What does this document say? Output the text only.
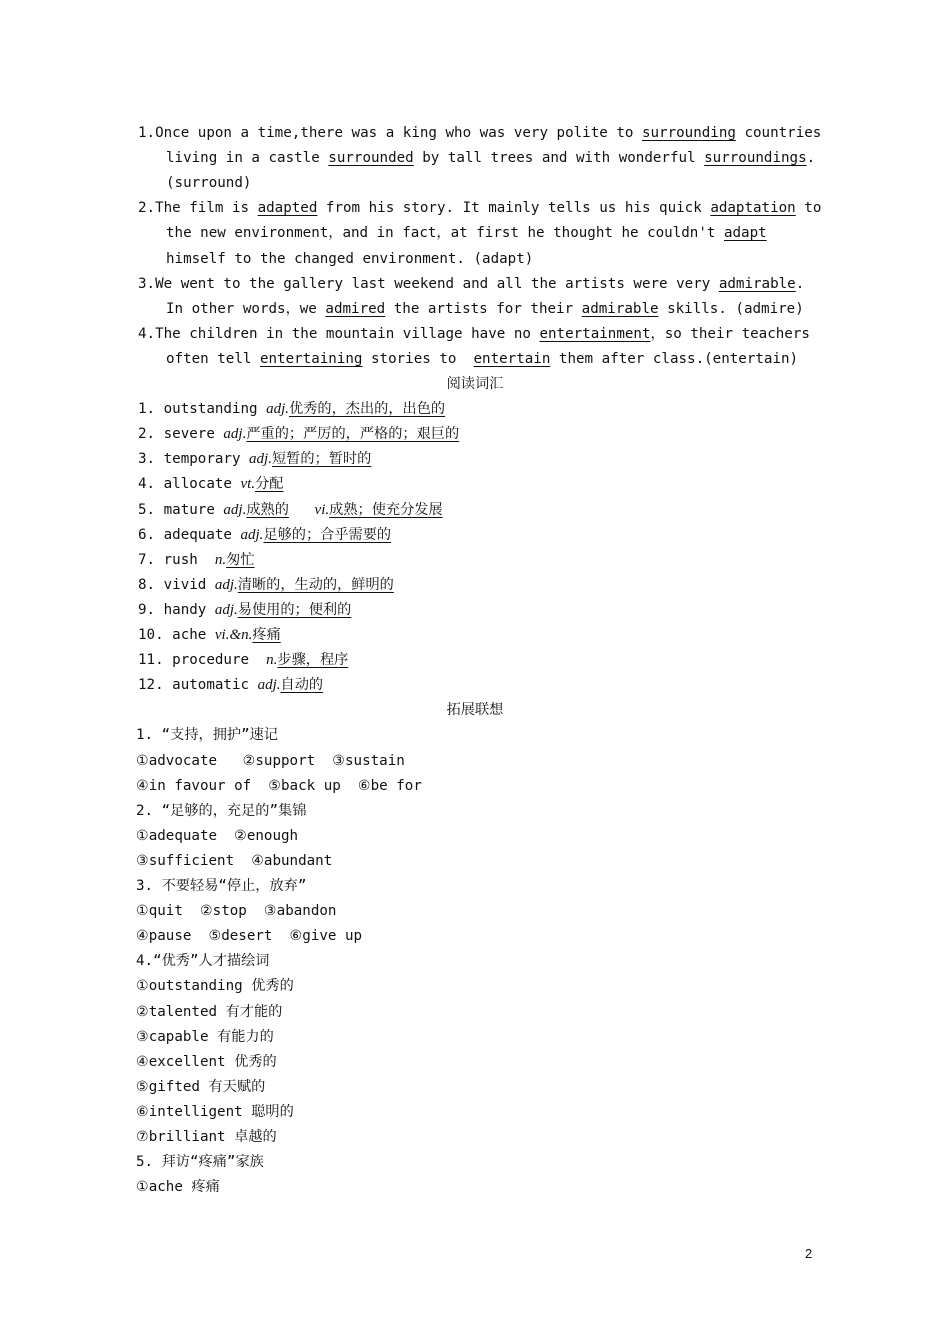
1.Once upon a time,there was a king who was very polite to surrounding countries
living in a castle surrounded by tall trees and with wonderful surroundings.
(surround)
2.The film is adapted from his story. It mainly tells us his quick adaptation to
the new environment，and in fact，at first he thought he couldn't adapt
himself to the changed environment. (adapt)
3.We went to the gallery last weekend and all the artists were very admirable.
In other words，we admired the artists for their admirable skills. (admire)
4.The children in the mountain village have no entertainment，so their teachers
often tell entertaining stories to  entertain them after class.(entertain)
阅读词汇
1. outstanding adj.优秀的，杰出的，出色的
2. severe adj.严重的；严厉的，严格的；艰巨的
3. temporary adj.短暂的；暂时的
4. allocate vt.分配
5. mature adj.成熟的 vi.成熟；使充分发展
6. adequate adj.足够的；合乎需要的
7. rush  n.匆忙
8. vivid adj.清晰的，生动的，鲜明的
9. handy adj.易使用的；便利的
10. ache vi.&n.疼痛
11. procedure  n.步骤，程序
12. automatic adj.自动的
拓展联想
1. “支持，拥护”速记
①advocate   ②support  ③sustain
④in favour of  ⑤back up  ⑥be for
2. “足够的，充足的”集锦
①adequate  ②enough
③sufficient  ④abundant
3. 不要轻易“停止，放弃”
①quit  ②stop  ③abandon
④pause  ⑤desert  ⑥give up
4.“优秀”人才描绘词
①outstanding 优秀的
②talented 有才能的
③capable 有能力的
④excellent 优秀的
⑤gifted 有天赋的
⑥intelligent 聪明的
⑦brilliant 卓越的
5. 拜访“疼痛”家族
①ache 疼痛
2
